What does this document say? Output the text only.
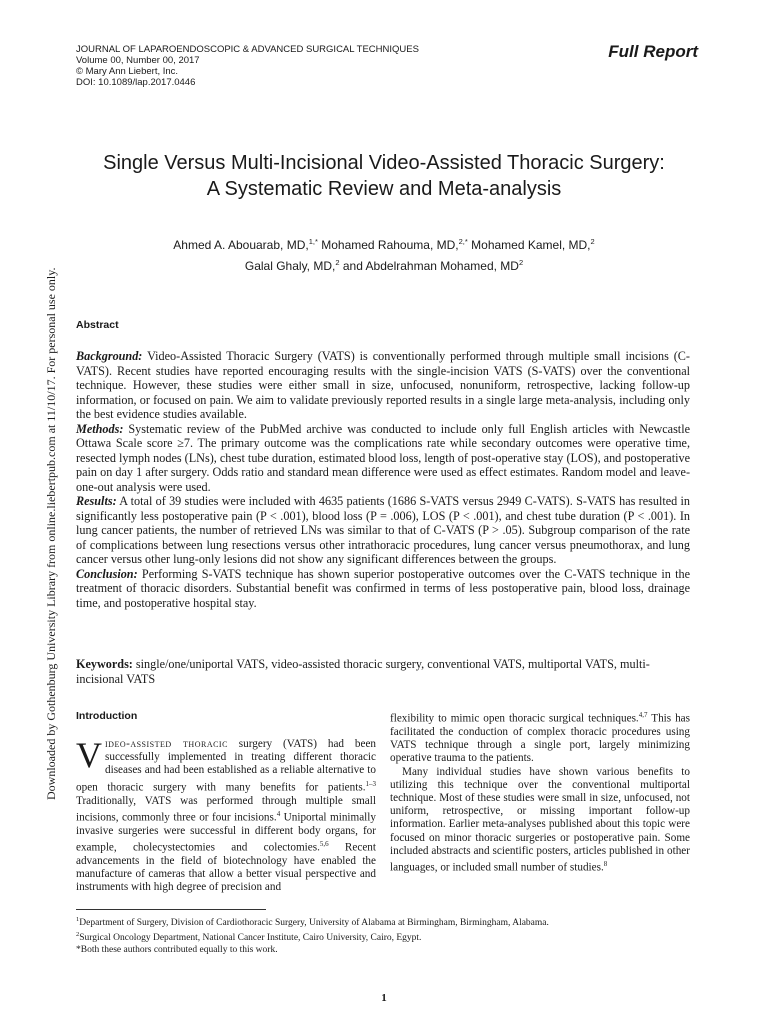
JOURNAL OF LAPAROENDOSCOPIC & ADVANCED SURGICAL TECHNIQUES
Volume 00, Number 00, 2017
© Mary Ann Liebert, Inc.
DOI: 10.1089/lap.2017.0446
Full Report
Downloaded by Gothenburg University Library from online.liebertpub.com at 11/10/17. For personal use only.
Single Versus Multi-Incisional Video-Assisted Thoracic Surgery:
A Systematic Review and Meta-analysis
Ahmed A. Abouarab, MD,$^{1,*}$ Mohamed Rahouma, MD,$^{2,*}$ Mohamed Kamel, MD,$^2$
Galal Ghaly, MD,$^2$ and Abdelrahman Mohamed, $MD^2$
Abstract

Background: Video-Assisted Thoracic Surgery (VATS) is conventionally performed through multiple small incisions (C-VATS). Recent studies have reported encouraging results with the single-incision VATS (S-VATS) over the conventional technique. However, these studies were either small in size, unfocused, nonuniform, retrospective, lacking follow-up information, or focused on pain. We aim to validate previously reported results in a single large meta-analysis, including only the best evidence studies available.

Methods: Systematic review of the PubMed archive was conducted to include only full English articles with Newcastle Ottawa Scale score ≥7. The primary outcome was the complications rate while secondary outcomes were operative time, resected lymph nodes (LNs), chest tube duration, estimated blood loss, length of post-operative stay (LOS), and postoperative pain on day 1 after surgery. Odds ratio and standard mean difference were used as effect estimates. Random model and leave-one-out analysis were used.

Results: A total of 39 studies were included with 4635 patients (1686 S-VATS versus 2949 C-VATS). S-VATS has resulted in significantly less postoperative pain (P < .001), blood loss (P = .006), LOS (P < .001), and chest tube duration (P < .001). In lung cancer patients, the number of retrieved LNs was similar to that of C-VATS (P > .05). Subgroup comparison of the rate of complications between lung resections versus other intrathoracic procedures, lung cancer versus pneumothorax, and lung cancer versus other lung-only lesions did not show any significant differences between the groups.

Conclusion: Performing S-VATS technique has shown superior postoperative outcomes over the C-VATS technique in the treatment of thoracic disorders. Substantial benefit was confirmed in terms of less postoperative pain, blood loss, drainage time, and postoperative hospital stay.

Keywords: single/one/uniportal VATS, video-assisted thoracic surgery, conventional VATS, multiportal VATS, multi-incisional VATS
Introduction

Video-assisted thoracic surgery (VATS) had been successfully implemented in treating different thoracic diseases and had been established as a reliable alternative to open thoracic surgery with many benefits for patients.$^{1-3}$ Traditionally, VATS was performed through multiple small incisions, commonly three or four incisions.$^4$ Uniportal minimally invasive surgeries were successful in different body organs, for example, cholecystectomies and colectomies.$^{5,6}$ Recent advancements in the field of biotechnology have enabled the manufacture of cameras that allow a better visual perspective and instruments with high degree of precision and

flexibility to mimic open thoracic surgical techniques.$^{4,7}$ This has facilitated the conduction of complex thoracic procedures using VATS technique through a single port, largely minimizing operative trauma to the patients.

Many individual studies have shown various benefits to utilizing this technique over the conventional multiportal technique. Most of these studies were small in size, unfocused, not uniform, retrospective, or missing important follow-up information. Earlier meta-analyses published about this topic were focused on minor thoracic surgeries or postoperative pain. Some included abstracts and scientific posters, articles published in other languages, or included small number of studies.$^8$

$^1$Department of Surgery, Division of Cardiothoracic Surgery, University of Alabama at Birmingham, Birmingham, Alabama.
$^2$Surgical Oncology Department, National Cancer Institute, Cairo University, Cairo, Egypt.
*Both these authors contributed equally to this work.
1
